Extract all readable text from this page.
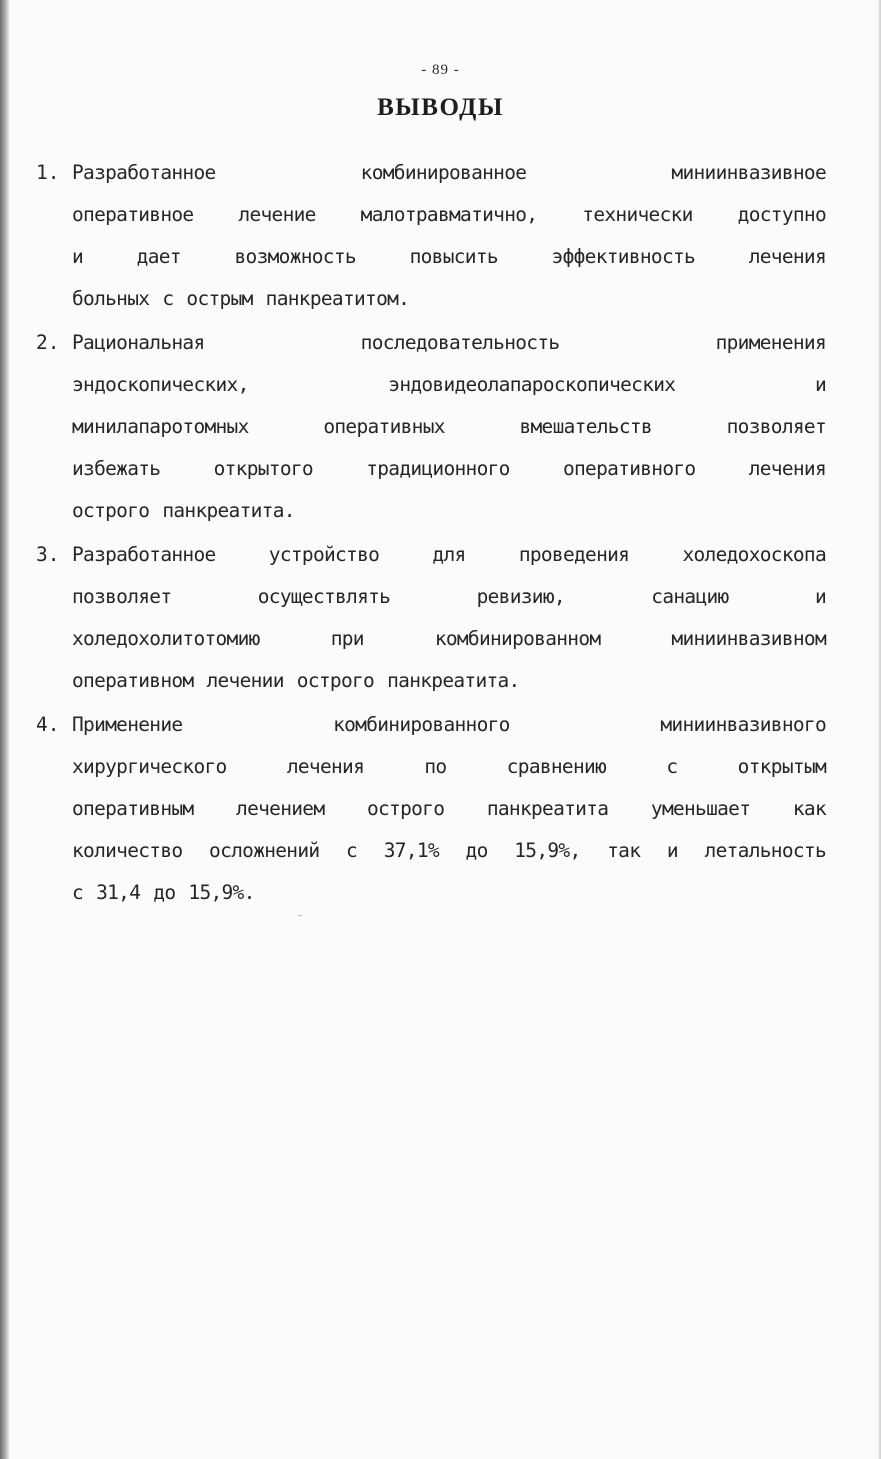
- 89 -
ВЫВОДЫ
1. Разработанное комбинированное миниинвазивное
оперативное лечение малотравматично, технически доступно
и дает возможность повысить эффективность лечения
больных с острым панкреатитом.
2. Рациональная последовательность применения
эндоскопических, эндовидеолапароскопических и
минилапаротомных оперативных вмешательств позволяет
избежать открытого традиционного оперативного лечения
острого панкреатита.
3. Разработанное устройство для проведения холедохоскопа
позволяет осуществлять ревизию, санацию и
холедохолитотомию при комбинированном миниинвазивном
оперативном лечении острого панкреатита.
4. Применение комбинированного миниинвазивного
хирургического лечения по сравнению с открытым
оперативным лечением острого панкреатита уменьшает как
количество осложнений с 37,1% до 15,9%, так и летальность
с 31,4 до 15,9%.
